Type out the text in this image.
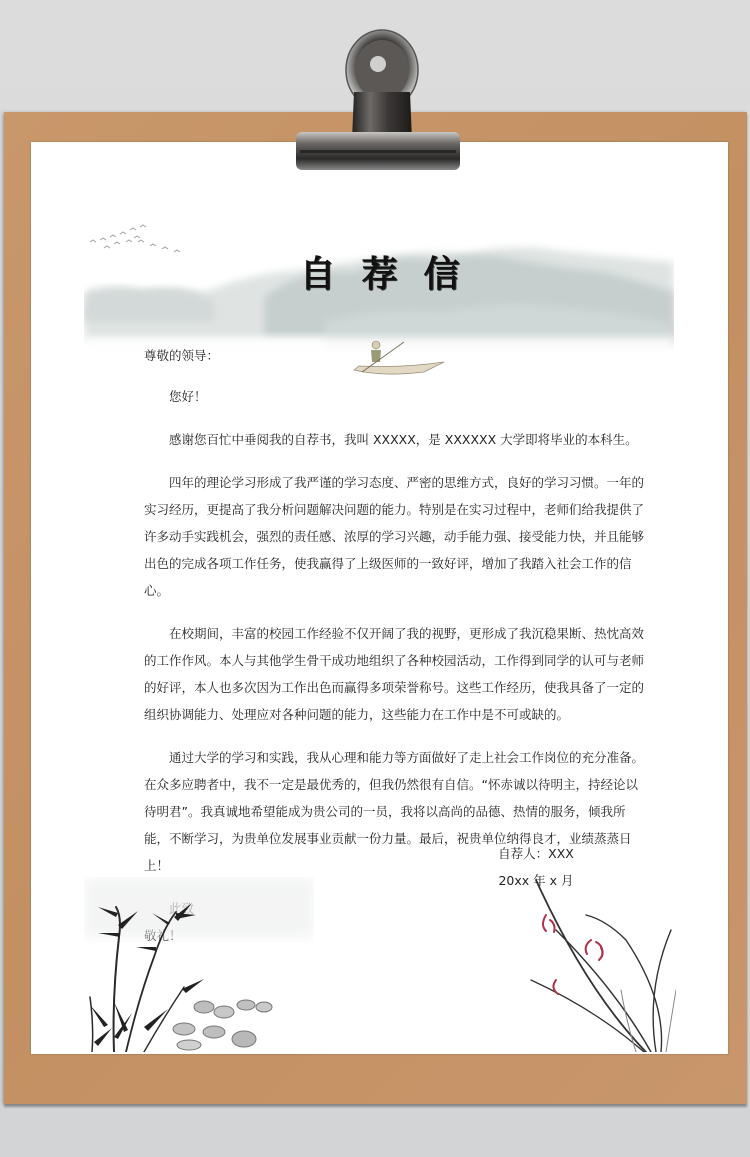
自荐信

尊敬的领导：

您好！

感谢您百忙中垂阅我的自荐书，我叫 XXXXX，是 XXXXXX 大学即将毕业的本科生。

四年的理论学习形成了我严谨的学习态度、严密的思维方式，良好的学习习惯。一年的实习经历，更提高了我分析问题解决问题的能力。特别是在实习过程中，老师们给我提供了许多动手实践机会，强烈的责任感、浓厚的学习兴趣，动手能力强、接受能力快，并且能够出色的完成各项工作任务，使我赢得了上级医师的一致好评，增加了我踏入社会工作的信心。

在校期间，丰富的校园工作经验不仅开阔了我的视野，更形成了我沉稳果断、热忱高效的工作作风。本人与其他学生骨干成功地组织了各种校园活动，工作得到同学的认可与老师的好评，本人也多次因为工作出色而赢得多项荣誉称号。这些工作经历，使我具备了一定的组织协调能力、处理应对各种问题的能力，这些能力在工作中是不可或缺的。

通过大学的学习和实践，我从心理和能力等方面做好了走上社会工作岗位的充分准备。在众多应聘者中，我不一定是最优秀的，但我仍然很有自信。“怀赤诚以待明主，持经论以待明君”。我真诚地希望能成为贵公司的一员，我将以高尚的品德、热情的服务，倾我所能，不断学习，为贵单位发展事业贡献一份力量。最后，祝贵单位纳得良才，业绩蒸蒸日上！

自荐人：XXX
20xx 年 x 月
